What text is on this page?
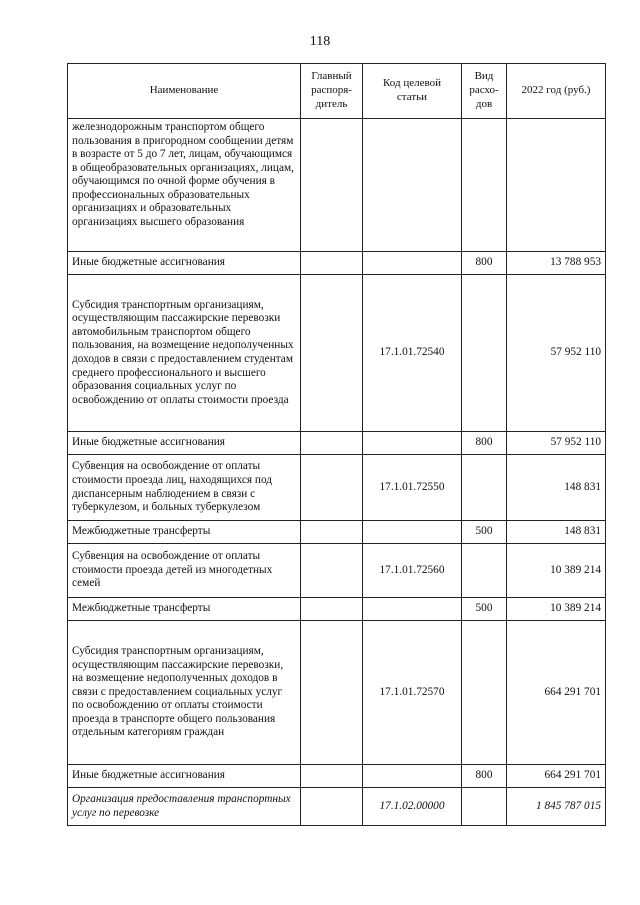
118
Наименование	Главный распоря-дитель	Код целевой статьи	Вид расхо-дов	2022 год (руб.)
железнодорожным транспортом общего пользования в пригородном сообщении детям в возрасте от 5 до 7 лет, лицам, обучающимся в общеобразовательных организациях, лицам, обучающимся по очной форме обучения в профессиональных образовательных организациях и образовательных организациях высшего образования				
Иные бюджетные ассигнования			800	13 788 953
Субсидия транспортным организациям, осуществляющим пассажирские перевозки автомобильным транспортом общего пользования, на возмещение недополученных доходов в связи с предоставлением студентам среднего профессионального и высшего образования социальных услуг по освобождению от оплаты стоимости проезда		17.1.01.72540		57 952 110
Иные бюджетные ассигнования			800	57 952 110
Субвенция на освобождение от оплаты стоимости проезда лиц, находящихся под диспансерным наблюдением в связи с туберкулезом, и больных туберкулезом		17.1.01.72550		148 831
Межбюджетные трансферты			500	148 831
Субвенция на освобождение от оплаты стоимости проезда детей из многодетных семей		17.1.01.72560		10 389 214
Межбюджетные трансферты			500	10 389 214
Субсидия транспортным организациям, осуществляющим пассажирские перевозки, на возмещение недополученных доходов в связи с предоставлением социальных услуг по освобождению от оплаты стоимости проезда в транспорте общего пользования отдельным категориям граждан		17.1.01.72570		664 291 701
Иные бюджетные ассигнования			800	664 291 701
Организация предоставления транспортных услуг по перевозке		17.1.02.00000		1 845 787 015
